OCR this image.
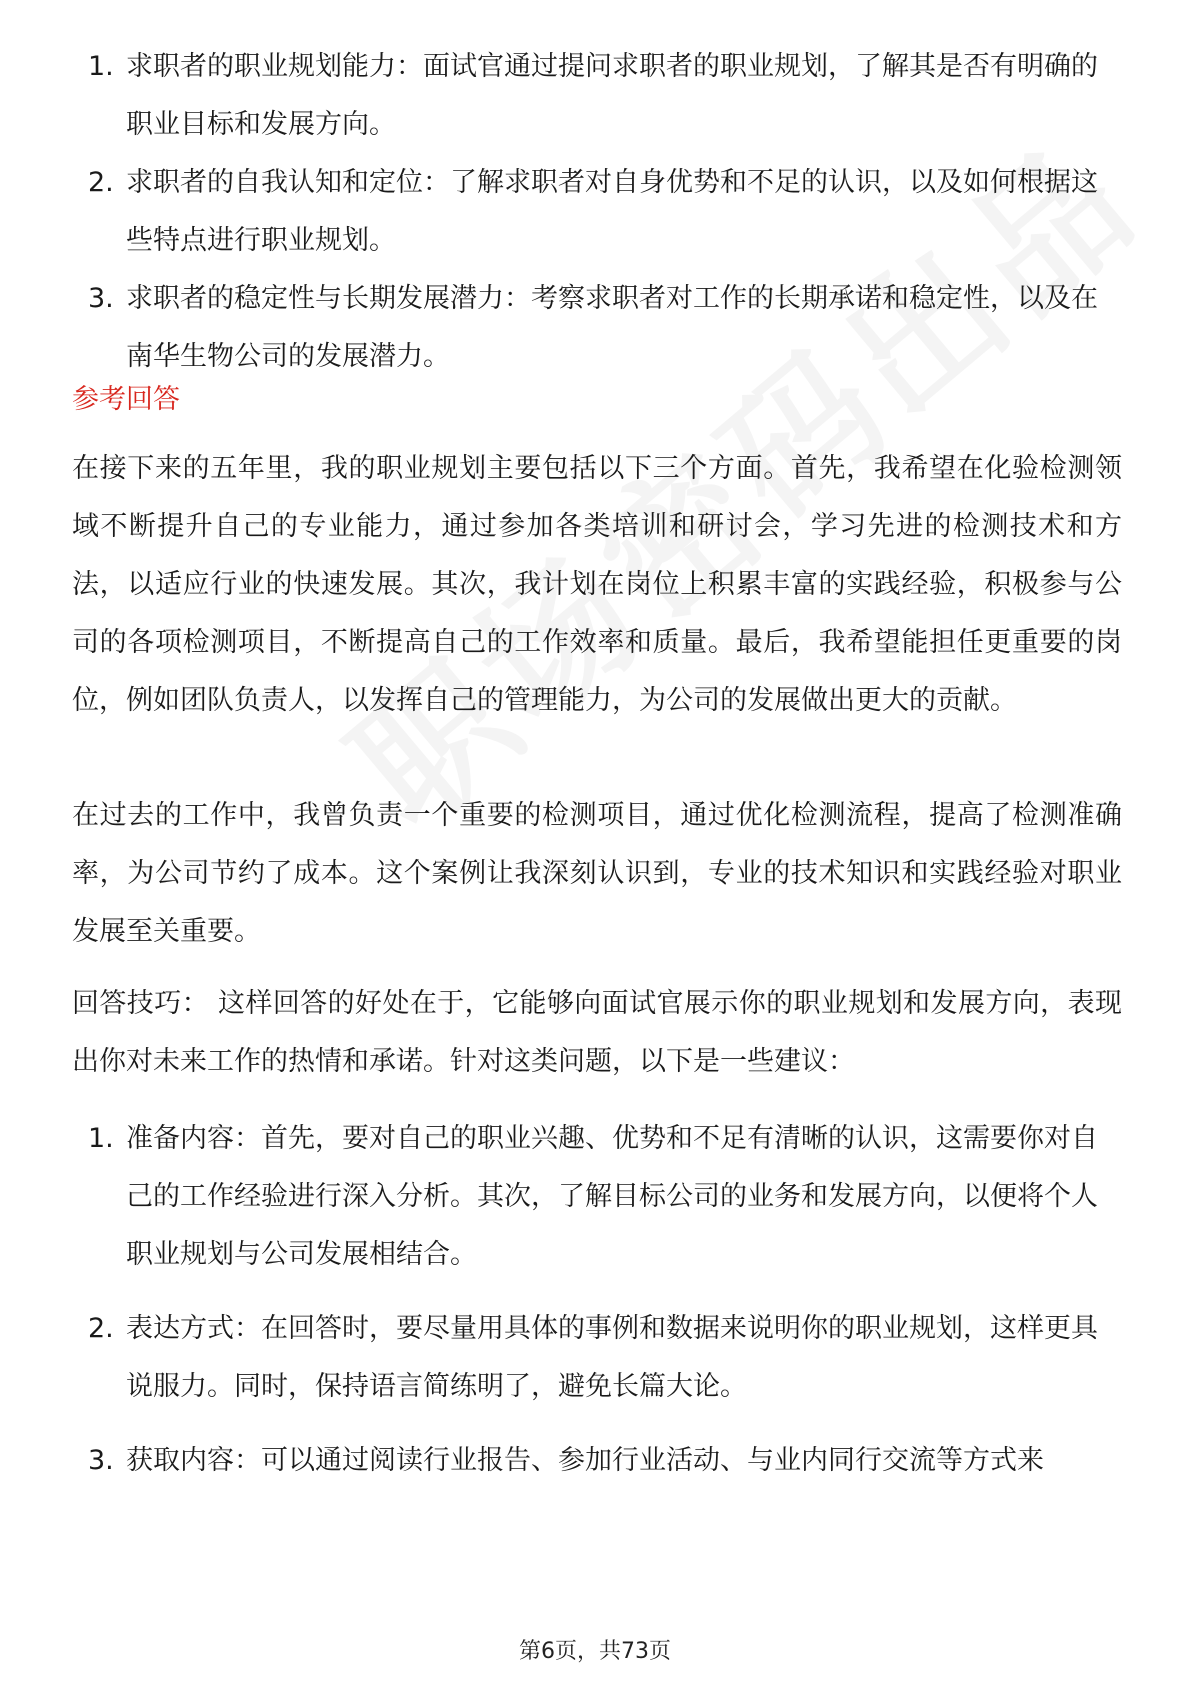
1. 求职者的职业规划能力：面试官通过提问求职者的职业规划，了解其是否有明确的职业目标和发展方向。
2. 求职者的自我认知和定位：了解求职者对自身优势和不足的认识，以及如何根据这些特点进行职业规划。
3. 求职者的稳定性与长期发展潜力：考察求职者对工作的长期承诺和稳定性，以及在南华生物公司的发展潜力。
参考回答
在接下来的五年里，我的职业规划主要包括以下三个方面。首先，我希望在化验检测领域不断提升自己的专业能力，通过参加各类培训和研讨会，学习先进的检测技术和方法，以适应行业的快速发展。其次，我计划在岗位上积累丰富的实践经验，积极参与公司的各项检测项目，不断提高自己的工作效率和质量。最后，我希望能担任更重要的岗位，例如团队负责人，以发挥自己的管理能力，为公司的发展做出更大的贡献。
在过去的工作中，我曾负责一个重要的检测项目，通过优化检测流程，提高了检测准确率，为公司节约了成本。这个案例让我深刻认识到，专业的技术知识和实践经验对职业发展至关重要。
回答技巧： 这样回答的好处在于，它能够向面试官展示你的职业规划和发展方向，表现出你对未来工作的热情和承诺。针对这类问题，以下是一些建议：
1. 准备内容：首先，要对自己的职业兴趣、优势和不足有清晰的认识，这需要你对自己的工作经验进行深入分析。其次，了解目标公司的业务和发展方向，以便将个人职业规划与公司发展相结合。
2. 表达方式：在回答时，要尽量用具体的事例和数据来说明你的职业规划，这样更具说服力。同时，保持语言简练明了，避免长篇大论。
3. 获取内容：可以通过阅读行业报告、参加行业活动、与业内同行交流等方式来
第6页，共73页
